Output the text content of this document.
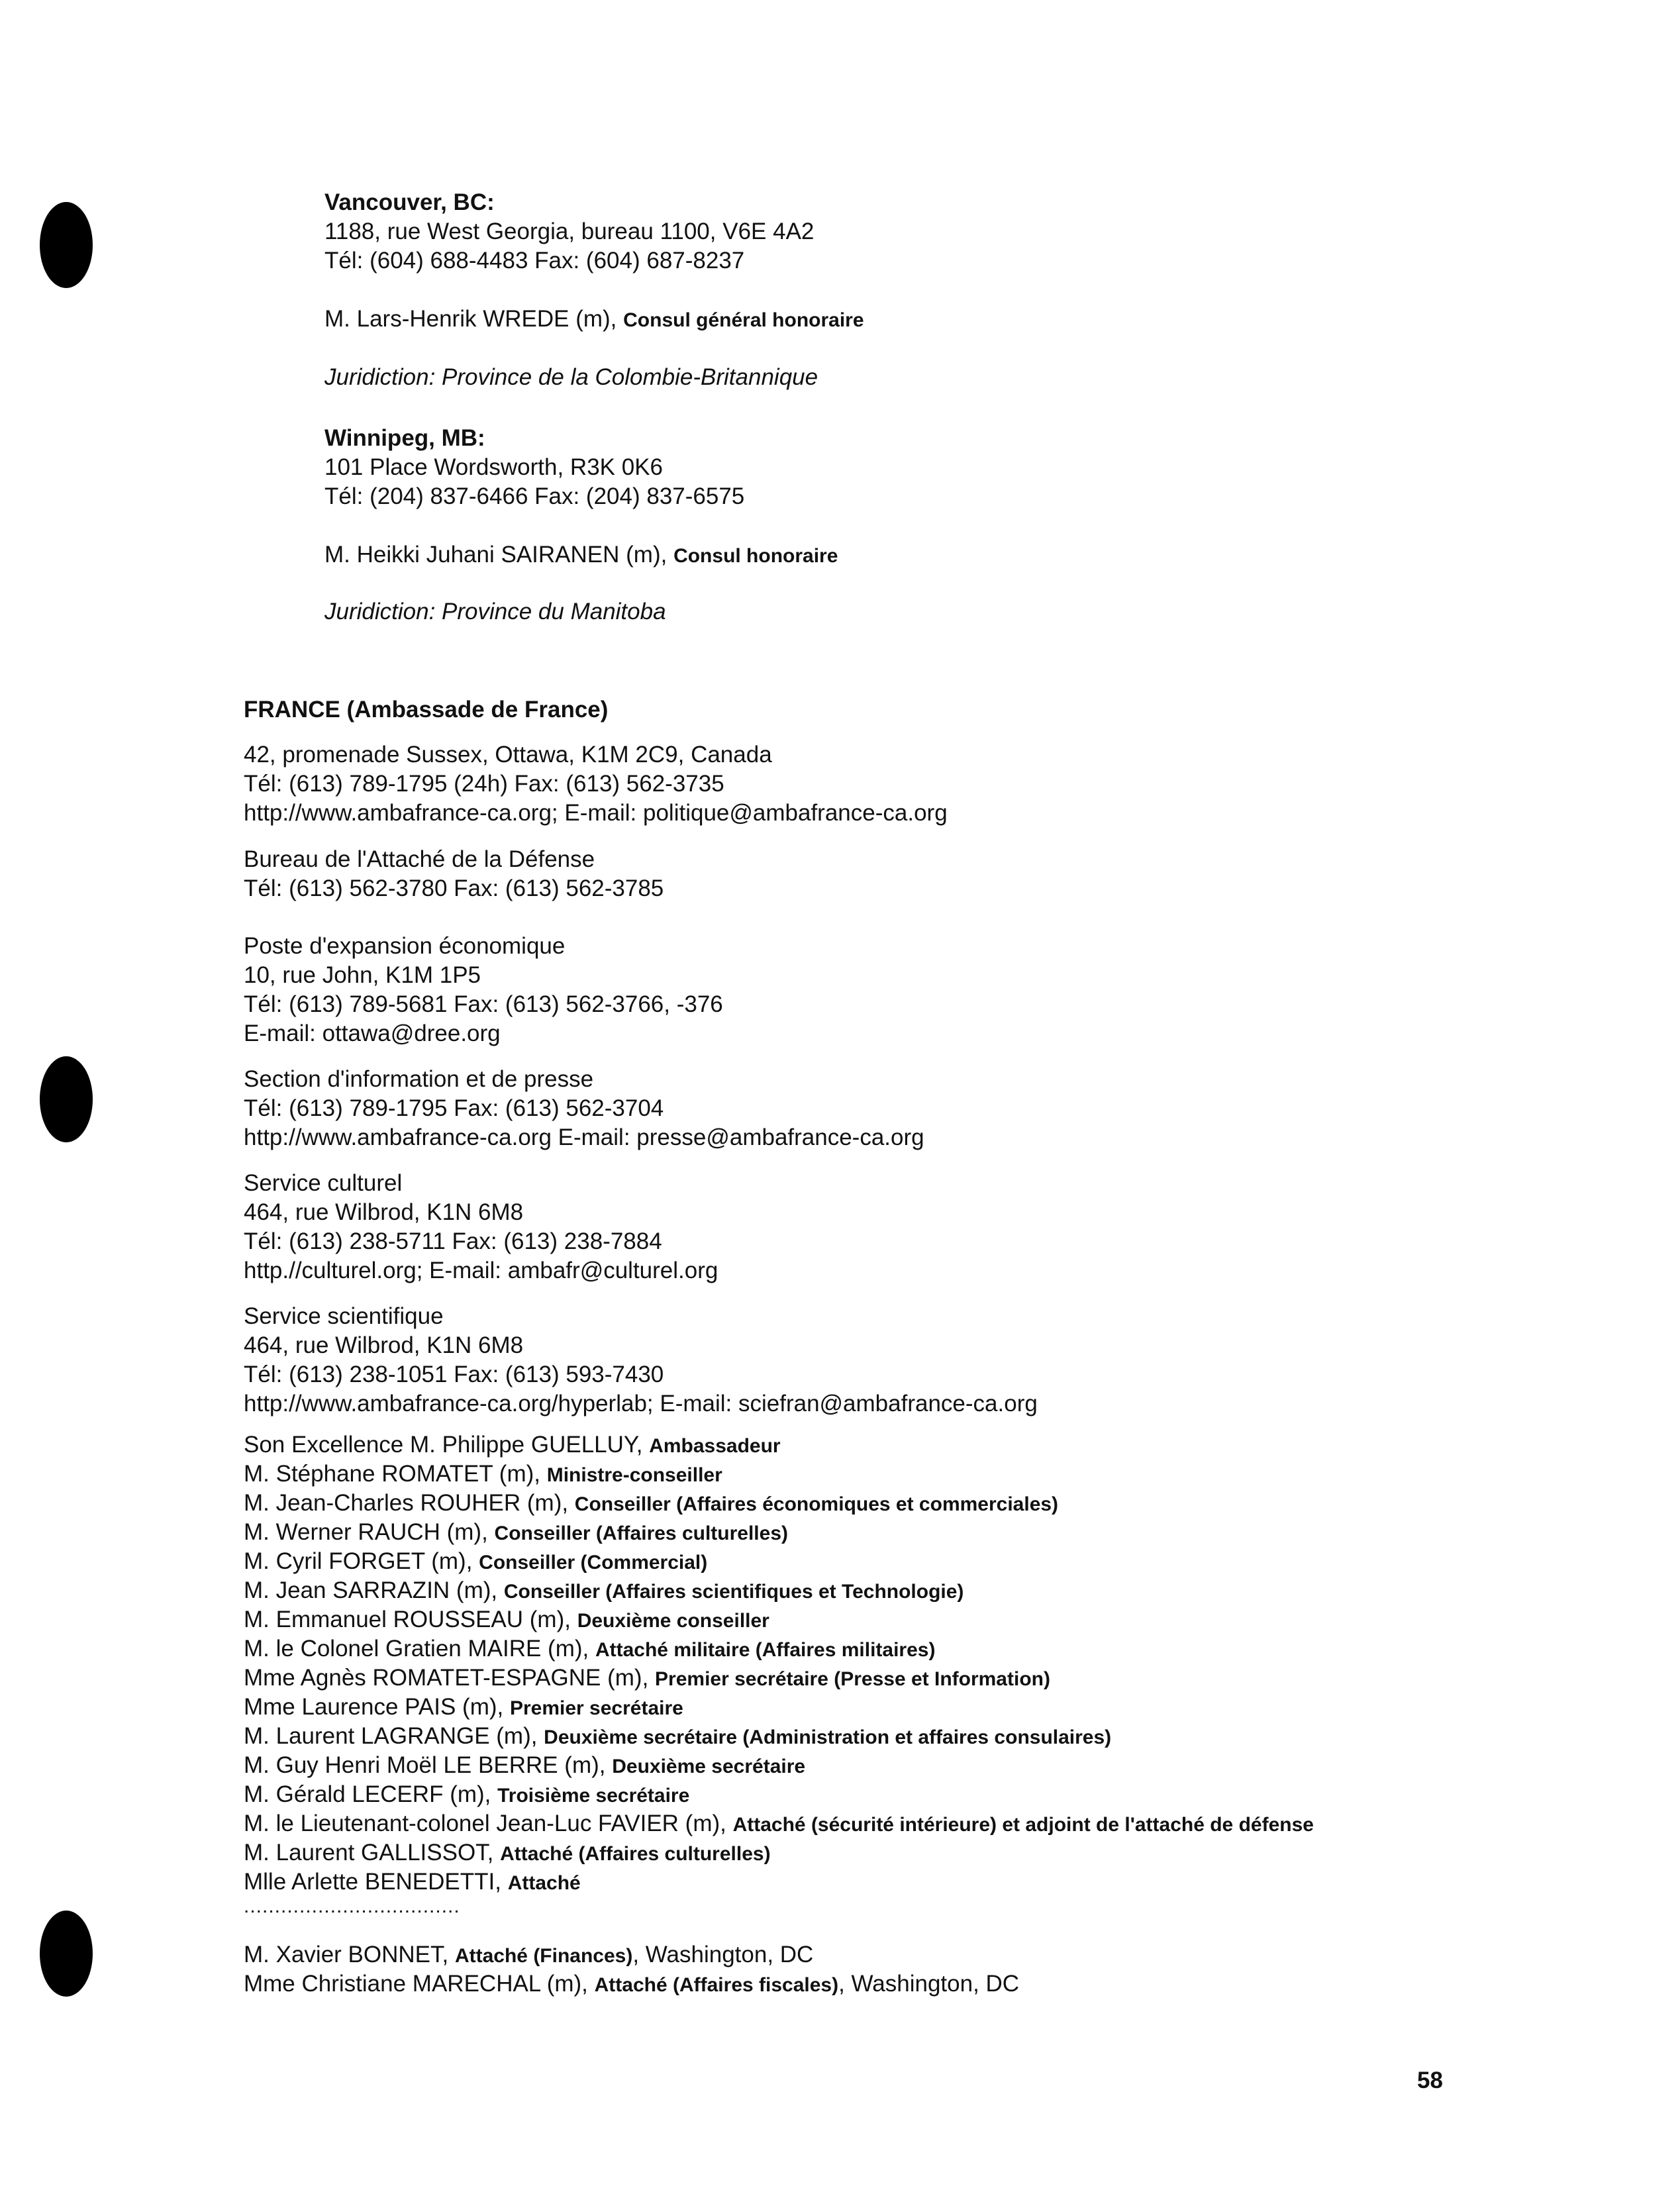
Vancouver, BC:
1188, rue West Georgia, bureau 1100, V6E 4A2
Tél: (604) 688-4483 Fax: (604) 687-8237
M. Lars-Henrik WREDE (m), Consul général honoraire
Juridiction: Province de la Colombie-Britannique
Winnipeg, MB:
101 Place Wordsworth, R3K 0K6
Tél: (204) 837-6466 Fax: (204) 837-6575
M. Heikki Juhani SAIRANEN (m), Consul honoraire
Juridiction: Province du Manitoba
FRANCE (Ambassade de France)
42, promenade Sussex, Ottawa, K1M 2C9, Canada
Tél: (613) 789-1795 (24h) Fax: (613) 562-3735
http://www.ambafrance-ca.org; E-mail: politique@ambafrance-ca.org
Bureau de l'Attaché de la Défense
Tél: (613) 562-3780 Fax: (613) 562-3785
Poste d'expansion économique
10, rue John, K1M 1P5
Tél: (613) 789-5681 Fax: (613) 562-3766, -376
E-mail: ottawa@dree.org
Section d'information et de presse
Tél: (613) 789-1795 Fax: (613) 562-3704
http://www.ambafrance-ca.org E-mail: presse@ambafrance-ca.org
Service culturel
464, rue Wilbrod, K1N 6M8
Tél: (613) 238-5711 Fax: (613) 238-7884
http.//culturel.org; E-mail: ambafr@culturel.org
Service scientifique
464, rue Wilbrod, K1N 6M8
Tél: (613) 238-1051 Fax: (613) 593-7430
http://www.ambafrance-ca.org/hyperlab; E-mail: sciefran@ambafrance-ca.org
Son Excellence M. Philippe GUELLUY, Ambassadeur
M. Stéphane ROMATET (m), Ministre-conseiller
M. Jean-Charles ROUHER (m), Conseiller (Affaires économiques et commerciales)
M. Werner RAUCH (m), Conseiller (Affaires culturelles)
M. Cyril FORGET (m), Conseiller (Commercial)
M. Jean SARRAZIN (m), Conseiller (Affaires scientifiques et Technologie)
M. Emmanuel ROUSSEAU (m), Deuxième conseiller
M. le Colonel Gratien MAIRE (m), Attaché militaire (Affaires militaires)
Mme Agnès ROMATET-ESPAGNE (m), Premier secrétaire (Presse et Information)
Mme Laurence PAIS (m), Premier secrétaire
M. Laurent LAGRANGE (m), Deuxième secrétaire (Administration et affaires consulaires)
M. Guy Henri Moël LE BERRE (m), Deuxième secrétaire
M. Gérald LECERF (m), Troisième secrétaire
M. le Lieutenant-colonel Jean-Luc FAVIER (m), Attaché (sécurité intérieure) et adjoint de l'attaché de défense
M. Laurent GALLISSOT, Attaché (Affaires culturelles)
Mlle Arlette BENEDETTI, Attaché
...................................
M. Xavier BONNET, Attaché (Finances), Washington, DC
Mme Christiane MARECHAL (m), Attaché (Affaires fiscales), Washington, DC
58
